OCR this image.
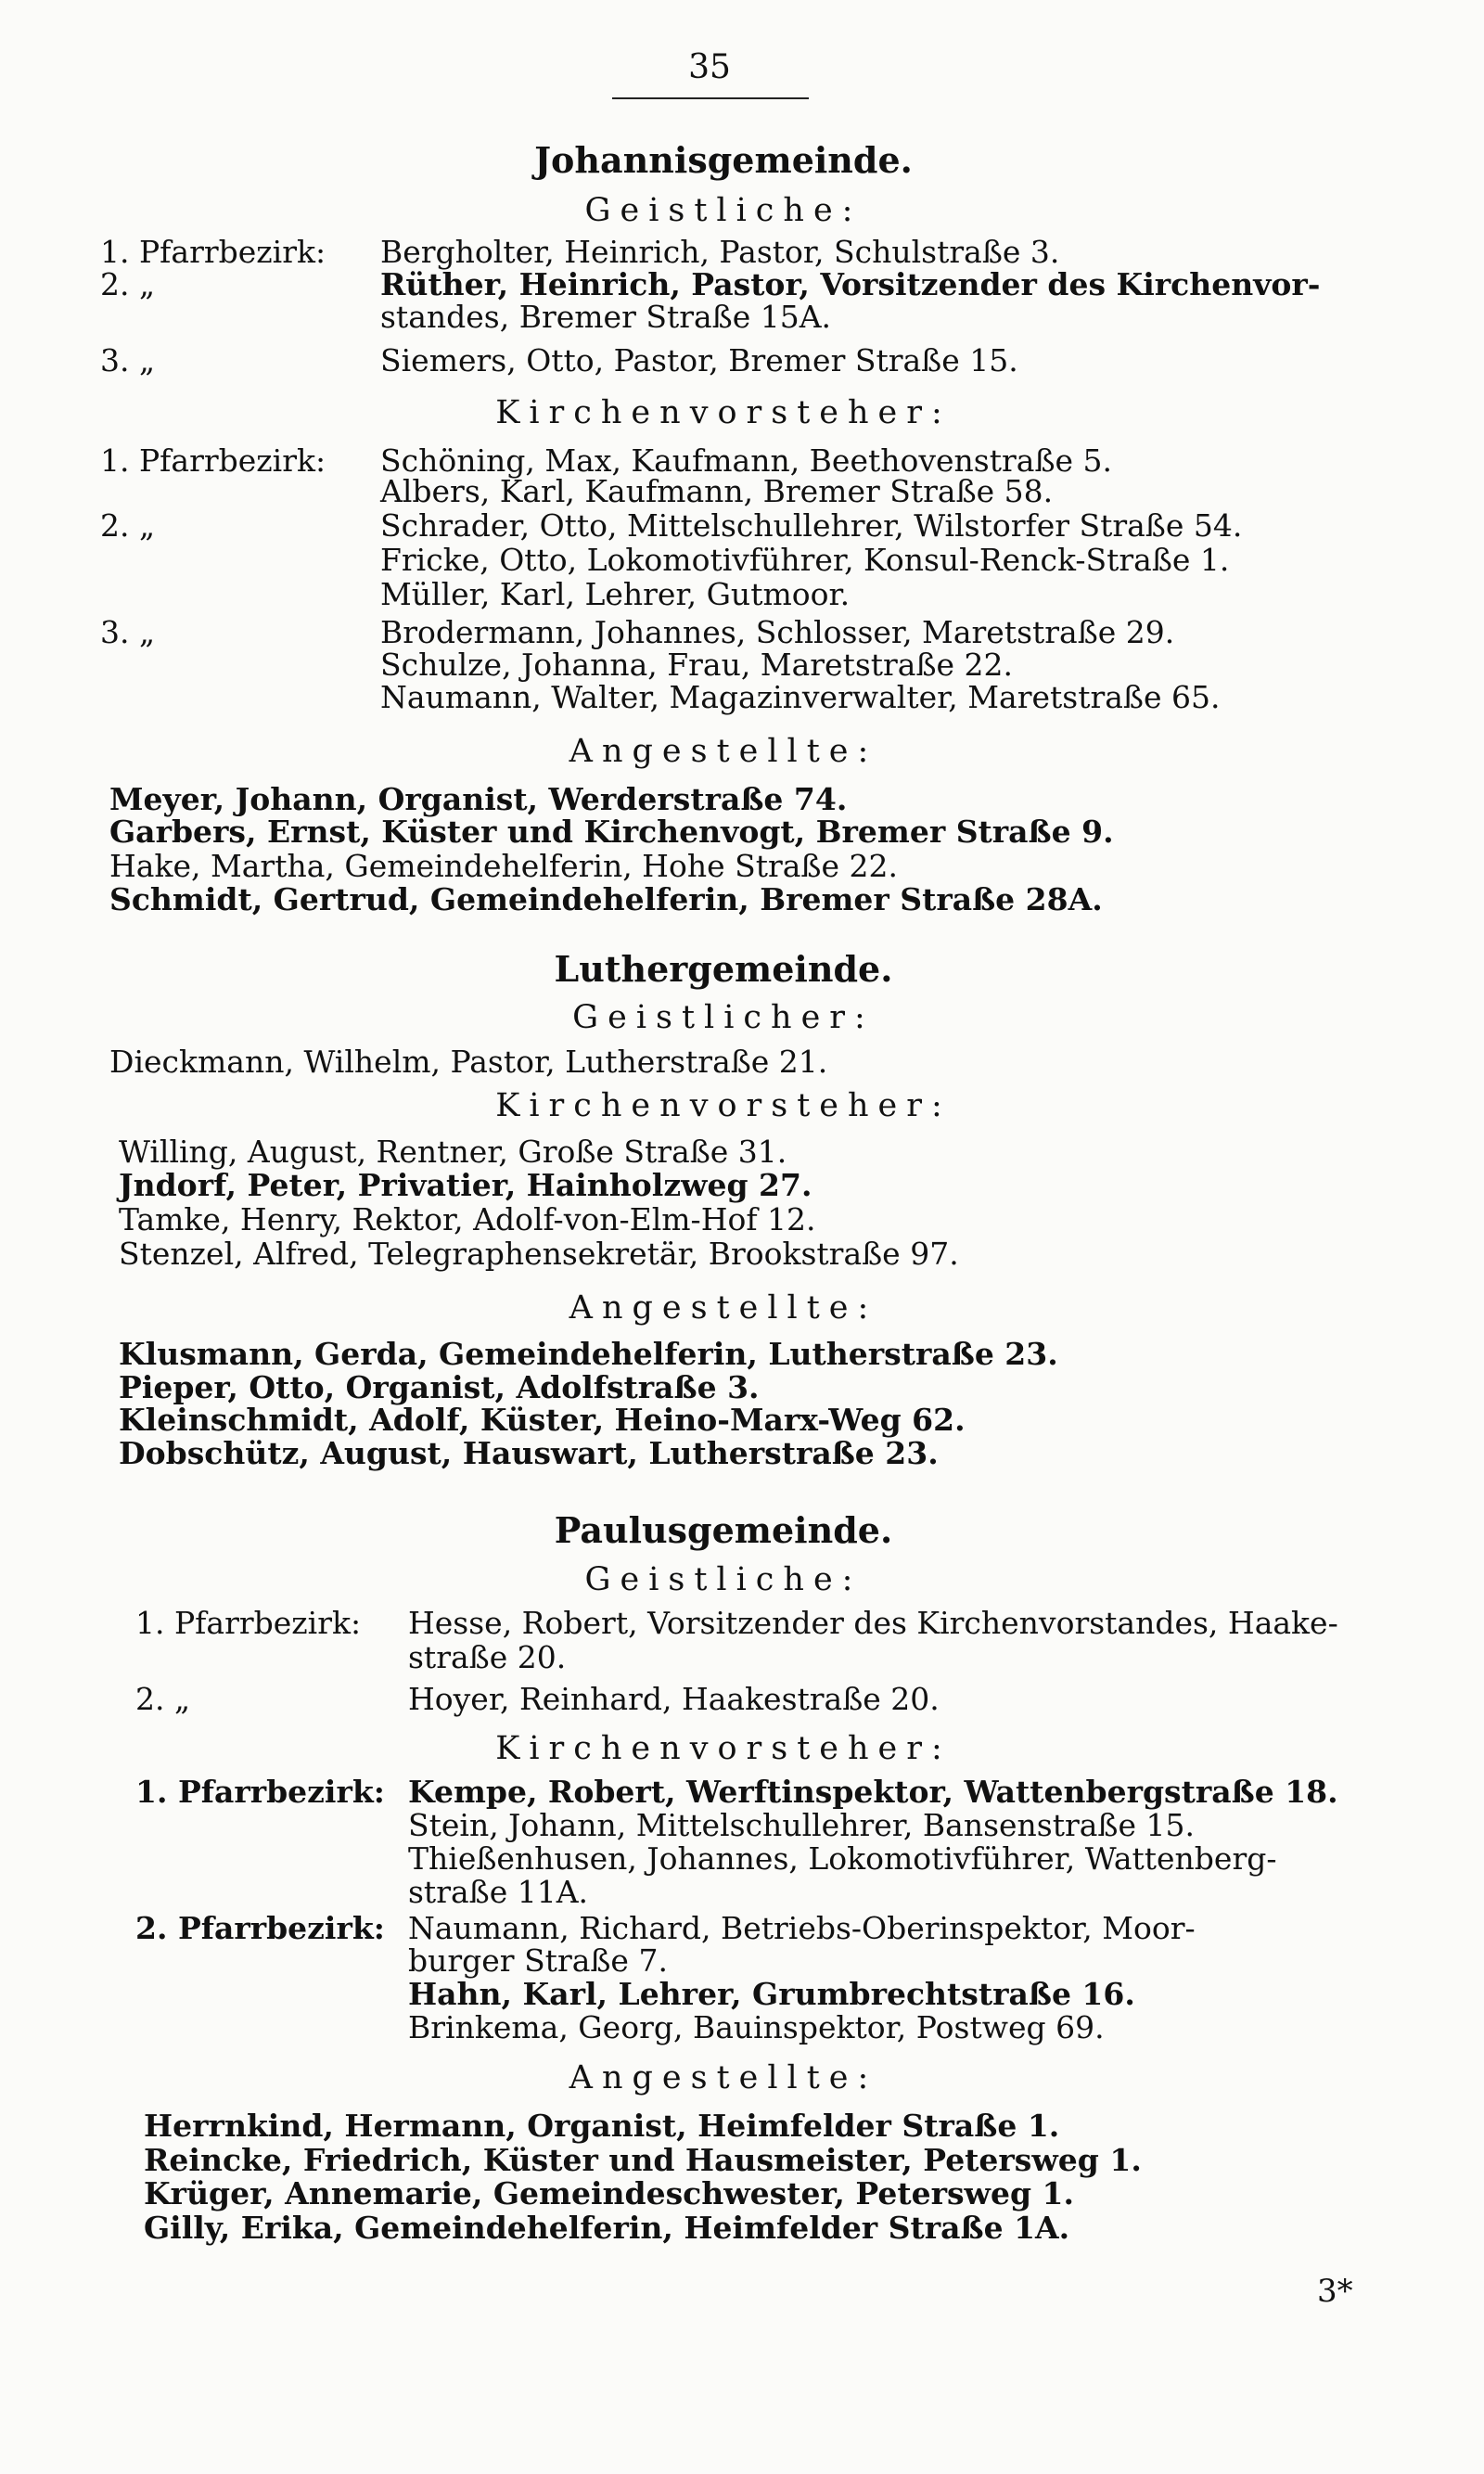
35
Johannisgemeinde.
Geistliche:
1. Pfarrbezirk: Bergholter, Heinrich, Pastor, Schulstraße 3.
2. „	Rüther, Heinrich, Pastor, Vorsitzender des Kirchenvor-
standes, Bremer Straße 15A.
3. „	Siemers, Otto, Pastor, Bremer Straße 15.
Kirchenvorsteher:
1. Pfarrbezirk: Schöning, Max, Kaufmann, Beethovenstraße 5.
Albers, Karl, Kaufmann, Bremer Straße 58.
2. „	Schrader, Otto, Mittelschullehrer, Wilstorfer Straße 54.
Fricke, Otto, Lokomotivführer, Konsul-Renck-Straße 1.
Müller, Karl, Lehrer, Gutmoor.
3. „	Brodermann, Johannes, Schlosser, Maretstraße 29.
Schulze, Johanna, Frau, Maretstraße 22.
Naumann, Walter, Magazinverwalter, Maretstraße 65.
Angestellte:
Meyer, Johann, Organist, Werderstraße 74.
Garbers, Ernst, Küster und Kirchenvogt, Bremer Straße 9.
Hake, Martha, Gemeindehelferin, Hohe Straße 22.
Schmidt, Gertrud, Gemeindehelferin, Bremer Straße 28A.
Luthergemeinde.
Geistlicher:
Dieckmann, Wilhelm, Pastor, Lutherstraße 21.
Kirchenvorsteher:
Willing, August, Rentner, Große Straße 31.
Jndorf, Peter, Privatier, Hainholzweg 27.
Tamke, Henry, Rektor, Adolf-von-Elm-Hof 12.
Stenzel, Alfred, Telegraphensekretär, Brookstraße 97.
Angestellte:
Klusmann, Gerda, Gemeindehelferin, Lutherstraße 23.
Pieper, Otto, Organist, Adolfstraße 3.
Kleinschmidt, Adolf, Küster, Heino-Marx-Weg 62.
Dobschütz, August, Hauswart, Lutherstraße 23.
Paulusgemeinde.
Geistliche:
1. Pfarrbezirk: Hesse, Robert, Vorsitzender des Kirchenvorstandes, Haake-
straße 20.
2. „	Hoyer, Reinhard, Haakestraße 20.
Kirchenvorsteher:
1. Pfarrbezirk: Kempe, Robert, Werftinspektor, Wattenbergstraße 18.
Stein, Johann, Mittelschullehrer, Bansenstraße 15.
Thießenhusen, Johannes, Lokomotivführer, Wattenberg-
straße 11A.
2. Pfarrbezirk: Naumann, Richard, Betriebs-Oberinspektor, Moor-
burger Straße 7.
Hahn, Karl, Lehrer, Grumbrechtstraße 16.
Brinkema, Georg, Bauinspektor, Postweg 69.
Angestellte:
Herrnkind, Hermann, Organist, Heimfelder Straße 1.
Reincke, Friedrich, Küster und Hausmeister, Petersweg 1.
Krüger, Annemarie, Gemeindeschwester, Petersweg 1.
Gilly, Erika, Gemeindehelferin, Heimfelder Straße 1A.
3*
